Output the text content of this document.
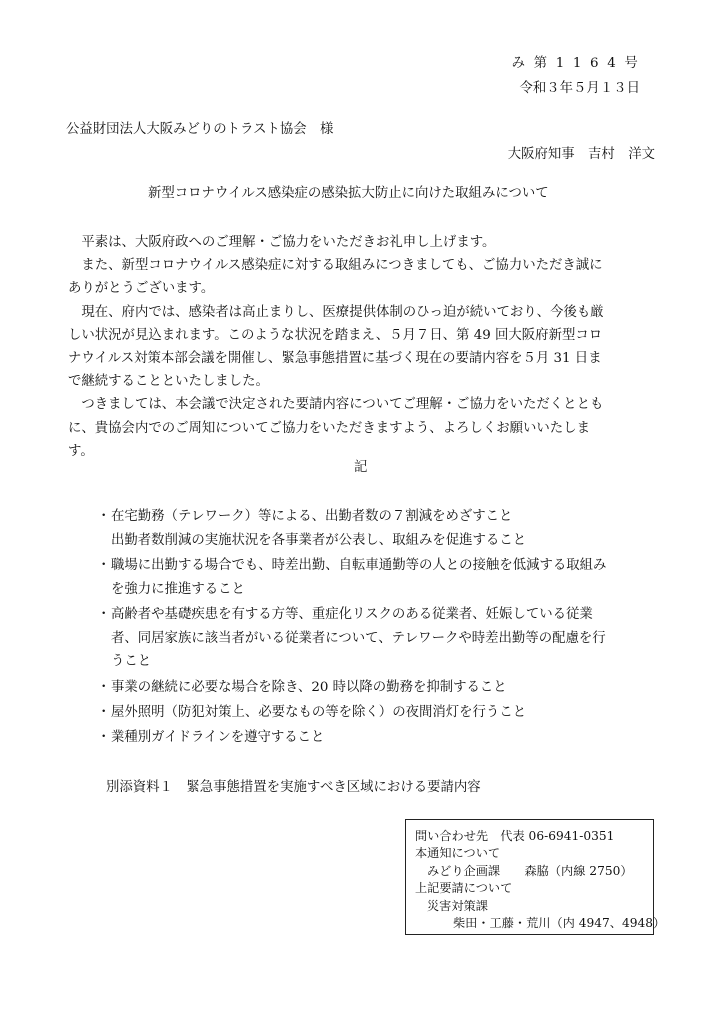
み 第 1 1 6 4 号
令和３年５月１３日
公益財団法人大阪みどりのトラスト協会　様
大阪府知事　吉村　洋文
新型コロナウイルス感染症の感染拡大防止に向けた取組みについて
　平素は、大阪府政へのご理解・ご協力をいただきお礼申し上げます。
　また、新型コロナウイルス感染症に対する取組みにつきましても、ご協力いただき誠に
ありがとうございます。
　現在、府内では、感染者は高止まりし、医療提供体制のひっ迫が続いており、今後も厳
しい状況が見込まれます。このような状況を踏まえ、５月７日、第 49 回大阪府新型コロ
ナウイルス対策本部会議を開催し、緊急事態措置に基づく現在の要請内容を５月 31 日ま
で継続することといたしました。
　つきましては、本会議で決定された要請内容についてご理解・ご協力をいただくととも
に、貴協会内でのご周知についてご協力をいただきますよう、よろしくお願いいたしま
す。
記
・ 在宅勤務（テレワーク）等による、出勤者数の７割減をめざすこと
出勤者数削減の実施状況を各事業者が公表し、取組みを促進すること
・ 職場に出勤する場合でも、時差出勤、自転車通勤等の人との接触を低減する取組み
を強力に推進すること
・ 高齢者や基礎疾患を有する方等、重症化リスクのある従業者、妊娠している従業
者、同居家族に該当者がいる従業者について、テレワークや時差出勤等の配慮を行
うこと
・ 事業の継続に必要な場合を除き、20 時以降の勤務を抑制すること
・ 屋外照明（防犯対策上、必要なもの等を除く）の夜間消灯を行うこと
・ 業種別ガイドラインを遵守すること
別添資料１　緊急事態措置を実施すべき区域における要請内容
問い合わせ先　代表 06-6941-0351
本通知について
みどり企画課　　森脇（内線 2750）
上記要請について
災害対策課
柴田・工藤・荒川（内 4947、4948）
